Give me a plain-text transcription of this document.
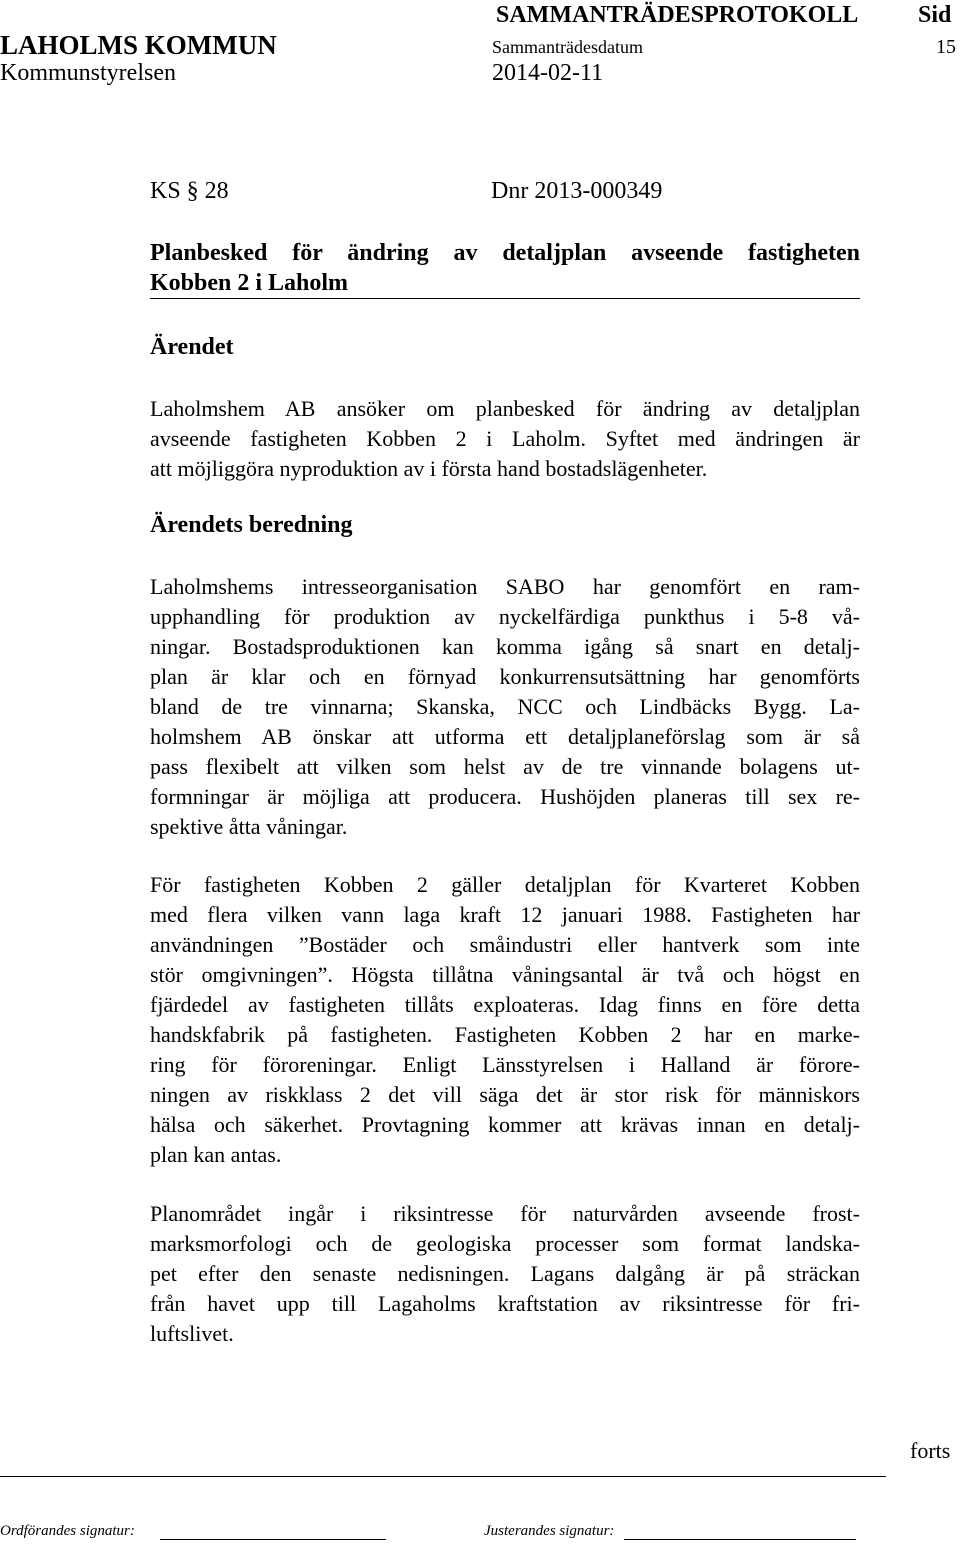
SAMMANTRÄDESPROTOKOLL Sid
LAHOLMS KOMMUN	Sammanträdesdatum	15
Kommunstyrelsen	2014-02-11
KS § 28	Dnr 2013-000349
Planbesked för ändring av detaljplan avseende fastigheten
Kobben 2 i Laholm
Ärendet
Laholmshem AB ansöker om planbesked för ändring av detaljplan
avseende fastigheten Kobben 2 i Laholm. Syftet med ändringen är
att möjliggöra nyproduktion av i första hand bostadslägenheter.
Ärendets beredning
Laholmshems intresseorganisation SABO har genomfört en ram-
upphandling för produktion av nyckelfärdiga punkthus i 5-8 vå-
ningar. Bostadsproduktionen kan komma igång så snart en detalj-
plan är klar och en förnyad konkurrensutsättning har genomförts
bland de tre vinnarna; Skanska, NCC och Lindbäcks Bygg. La-
holmshem AB önskar att utforma ett detaljplaneförslag som är så
pass flexibelt att vilken som helst av de tre vinnande bolagens ut-
formningar är möjliga att producera. Hushöjden planeras till sex re-
spektive åtta våningar.
För fastigheten Kobben 2 gäller detaljplan för Kvarteret Kobben
med flera vilken vann laga kraft 12 januari 1988. Fastigheten har
användningen ”Bostäder och småindustri eller hantverk som inte
stör omgivningen”. Högsta tillåtna våningsantal är två och högst en
fjärdedel av fastigheten tillåts exploateras. Idag finns en före detta
handskfabrik på fastigheten. Fastigheten Kobben 2 har en marke-
ring för föroreningar. Enligt Länsstyrelsen i Halland är förore-
ningen av riskklass 2 det vill säga det är stor risk för människors
hälsa och säkerhet. Provtagning kommer att krävas innan en detalj-
plan kan antas.
Planområdet ingår i riksintresse för naturvården avseende frost-
marksmorfologi och de geologiska processer som format landska-
pet efter den senaste nedisningen. Lagans dalgång är på sträckan
från havet upp till Lagaholms kraftstation av riksintresse för fri-
luftslivet.
forts
Ordförandes signatur:	Justerandes signatur:
